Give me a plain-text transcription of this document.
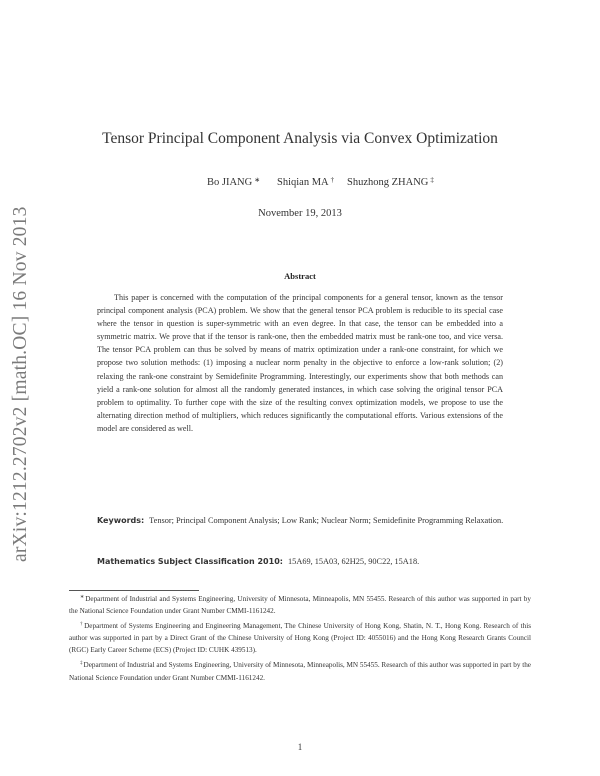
arXiv:1212.2702v2 [math.OC] 16 Nov 2013
Tensor Principal Component Analysis via Convex Optimization
Bo JIANG ∗ Shiqian MA † Shuzhong ZHANG ‡
November 19, 2013
Abstract
This paper is concerned with the computation of the principal components for a general tensor, known as the tensor principal component analysis (PCA) problem. We show that the general tensor PCA problem is reducible to its special case where the tensor in question is super-symmetric with an even degree. In that case, the tensor can be embedded into a symmetric matrix. We prove that if the tensor is rank-one, then the embedded matrix must be rank-one too, and vice versa. The tensor PCA problem can thus be solved by means of matrix optimization under a rank-one constraint, for which we propose two solution methods: (1) imposing a nuclear norm penalty in the objective to enforce a low-rank solution; (2) relaxing the rank-one constraint by Semidefinite Programming. Interestingly, our experiments show that both methods can yield a rank-one solution for almost all the randomly generated instances, in which case solving the original tensor PCA problem to optimality. To further cope with the size of the resulting convex optimization models, we propose to use the alternating direction method of multipliers, which reduces significantly the computational efforts. Various extensions of the model are considered as well.
Keywords: Tensor; Principal Component Analysis; Low Rank; Nuclear Norm; Semidefinite Programming Relaxation.
Mathematics Subject Classification 2010: 15A69, 15A03, 62H25, 90C22, 15A18.

∗Department of Industrial and Systems Engineering, University of Minnesota, Minneapolis, MN 55455. Research of this author was supported in part by the National Science Foundation under Grant Number CMMI-1161242.

†Department of Systems Engineering and Engineering Management, The Chinese University of Hong Kong, Shatin, N. T., Hong Kong. Research of this author was supported in part by a Direct Grant of the Chinese University of Hong Kong (Project ID: 4055016) and the Hong Kong Research Grants Council (RGC) Early Career Scheme (ECS) (Project ID: CUHK 439513).

‡Department of Industrial and Systems Engineering, University of Minnesota, Minneapolis, MN 55455. Research of this author was supported in part by the National Science Foundation under Grant Number CMMI-1161242.

1
